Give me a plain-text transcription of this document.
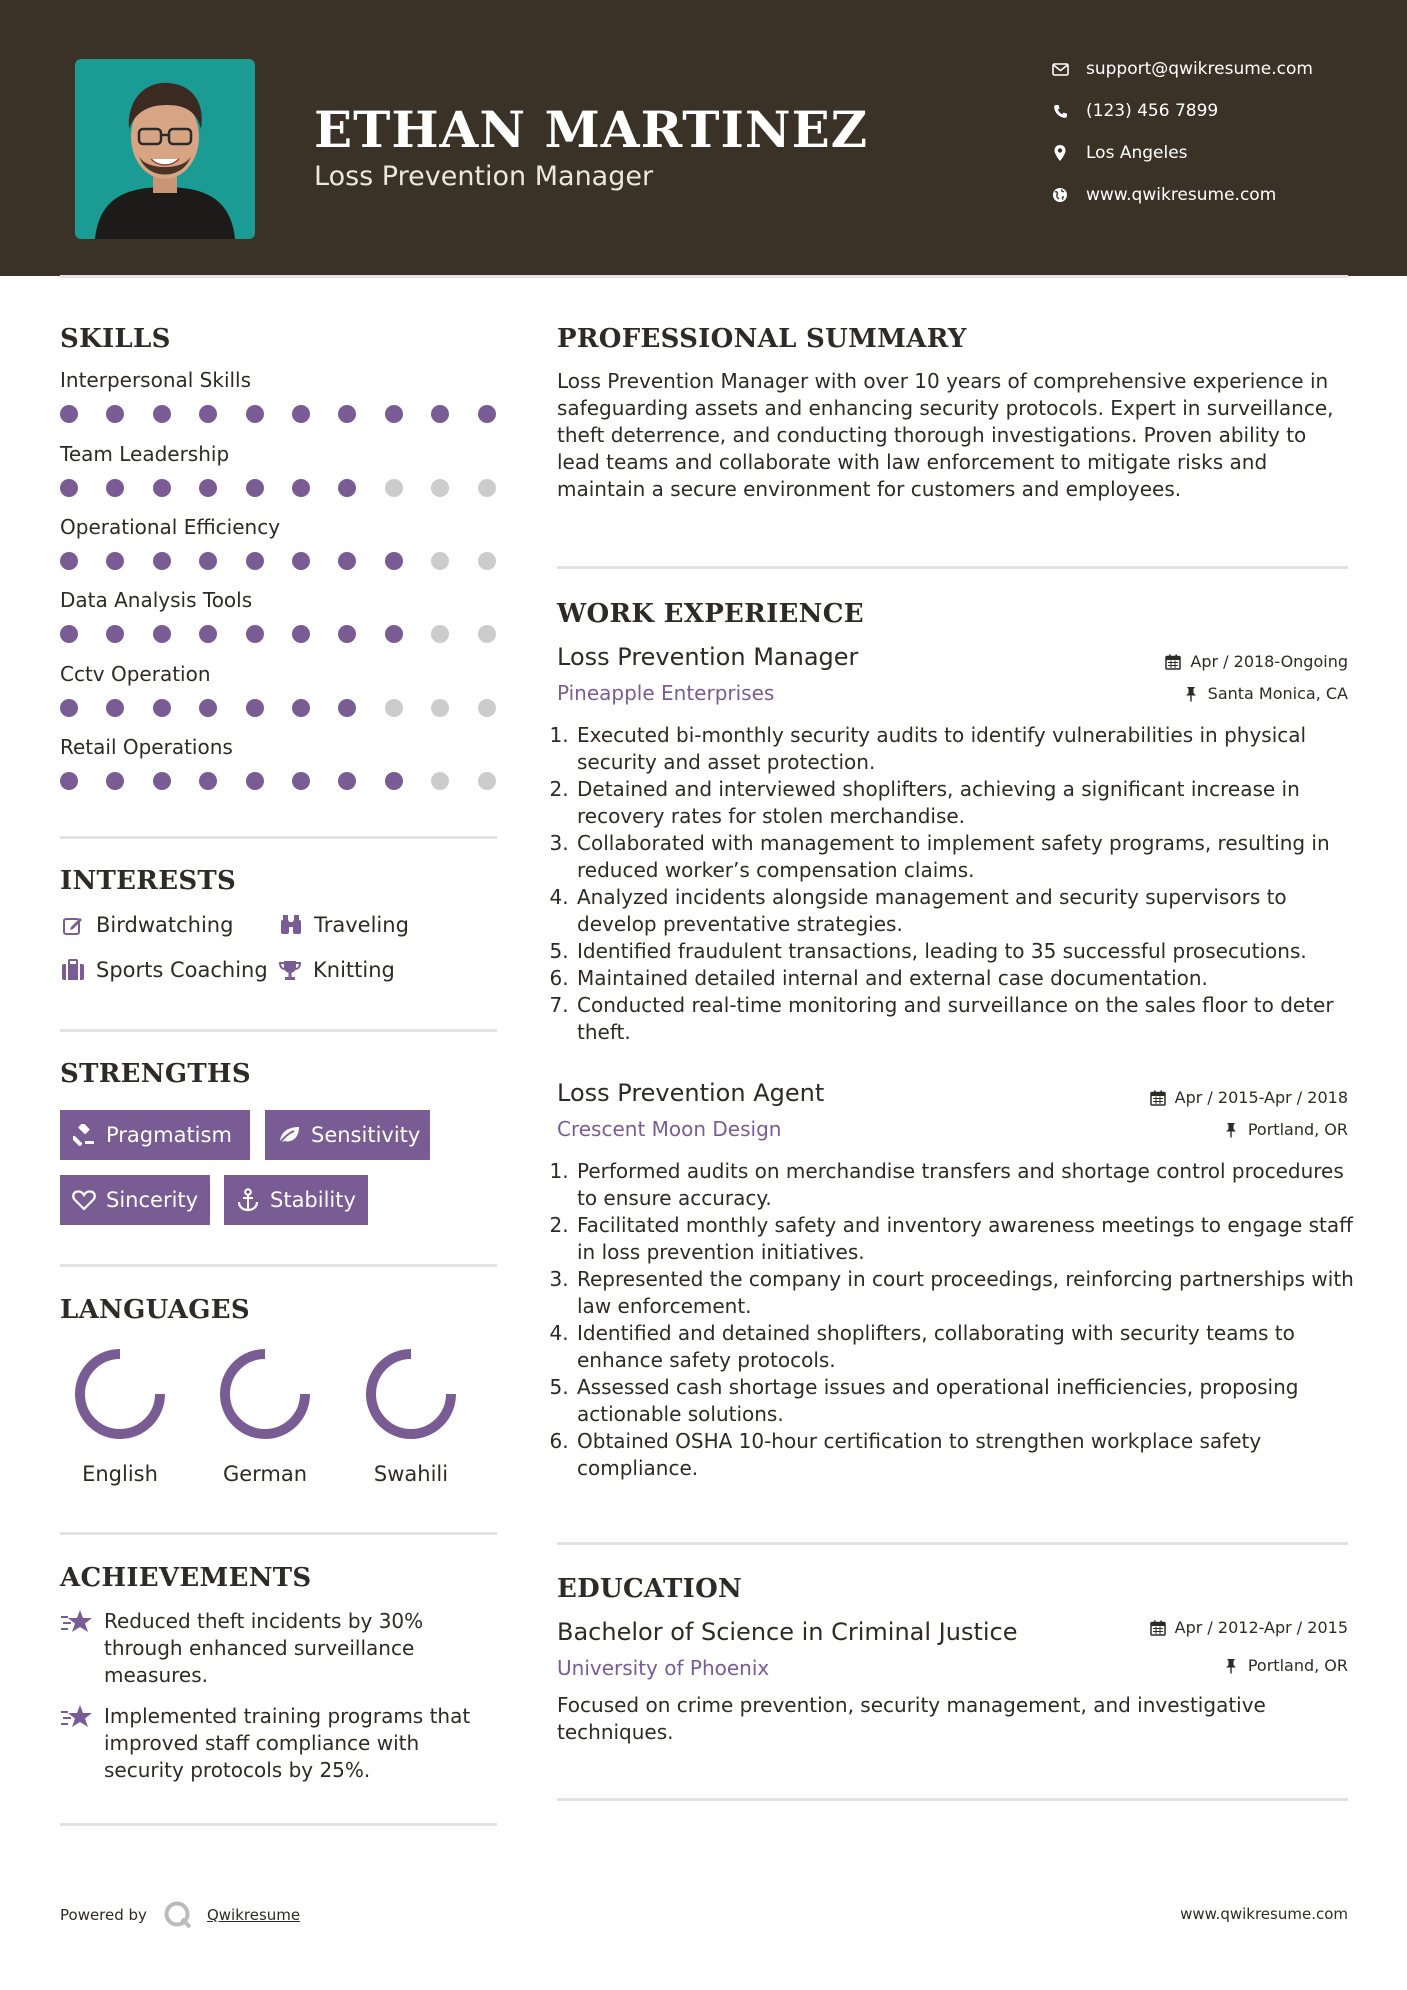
ETHAN MARTINEZ
Loss Prevention Manager
support@qwikresume.com
(123) 456 7899
Los Angeles
www.qwikresume.com
SKILLS
Interpersonal Skills
Team Leadership
Operational Efficiency
Data Analysis Tools
Cctv Operation
Retail Operations
INTERESTS
Birdwatching	Traveling
Sports Coaching Knitting
STRENGTHS
Pragmatism	Sensitivity
Sincerity	Stability
LANGUAGES
English	German	Swahili
ACHIEVEMENTS
Reduced theft incidents by 30% through enhanced surveillance measures.
Implemented training programs that improved staff compliance with security protocols by 25%.
PROFESSIONAL SUMMARY

Loss Prevention Manager with over 10 years of comprehensive experience in safeguarding assets and enhancing security protocols. Expert in surveillance, theft deterrence, and conducting thorough investigations. Proven ability to lead teams and collaborate with law enforcement to mitigate risks and maintain a secure environment for customers and employees.

WORK EXPERIENCE
Loss Prevention Manager	Apr / 2018-Ongoing
Pineapple Enterprises	Santa Monica, CA
1. Executed bi-monthly security audits to identify vulnerabilities in physical security and asset protection.
2. Detained and interviewed shoplifters, achieving a significant increase in recovery rates for stolen merchandise.
3. Collaborated with management to implement safety programs, resulting in reduced worker’s compensation claims.
4. Analyzed incidents alongside management and security supervisors to develop preventative strategies.
5. Identified fraudulent transactions, leading to 35 successful prosecutions.
6. Maintained detailed internal and external case documentation.
7. Conducted real-time monitoring and surveillance on the sales floor to deter theft.
Loss Prevention Agent	Apr / 2015-Apr / 2018
Crescent Moon Design	Portland, OR
1. Performed audits on merchandise transfers and shortage control procedures to ensure accuracy.
2. Facilitated monthly safety and inventory awareness meetings to engage staff in loss prevention initiatives.
3. Represented the company in court proceedings, reinforcing partnerships with law enforcement.
4. Identified and detained shoplifters, collaborating with security teams to enhance safety protocols.
5. Assessed cash shortage issues and operational inefficiencies, proposing actionable solutions.
6. Obtained OSHA 10-hour certification to strengthen workplace safety compliance.
EDUCATION
Bachelor of Science in Criminal Justice	Apr / 2012-Apr / 2015
University of Phoenix	Portland, OR

Focused on crime prevention, security management, and investigative techniques.

Powered by	Qwikresume	www.qwikresume.com
